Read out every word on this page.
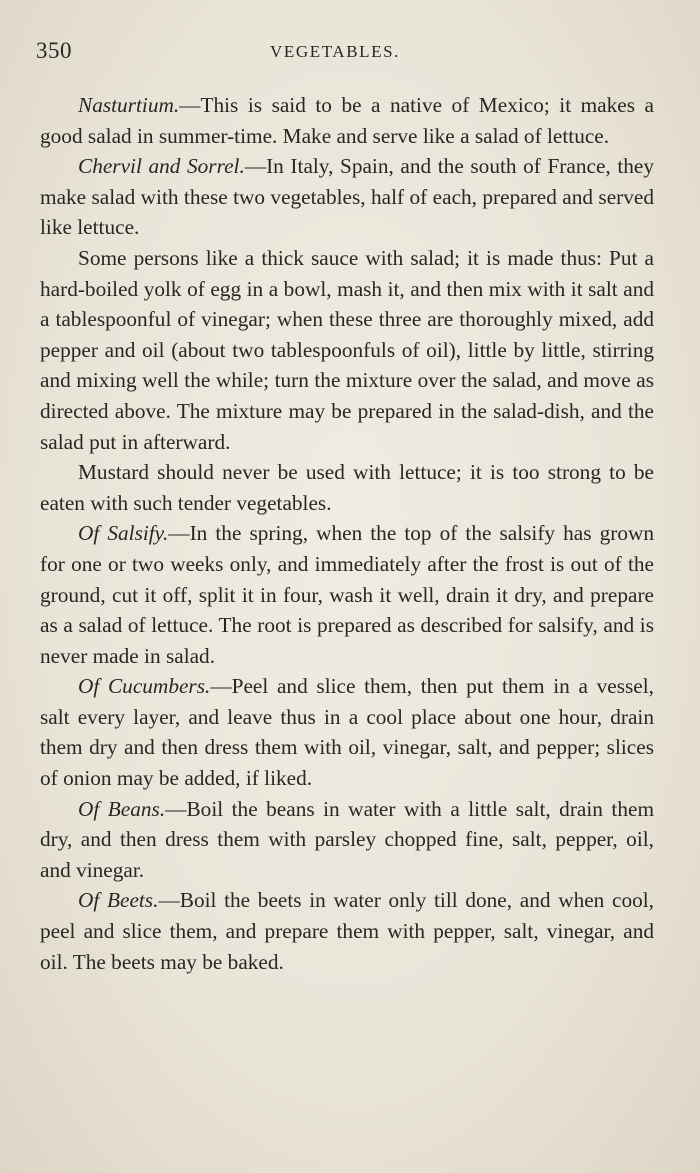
350	VEGETABLES.

Nasturtium.—This is said to be a native of Mexico; it makes a good salad in summer-time. Make and serve like a salad of lettuce.

Chervil and Sorrel.—In Italy, Spain, and the south of France, they make salad with these two vegetables, half of each, prepared and served like lettuce.

Some persons like a thick sauce with salad; it is made thus: Put a hard-boiled yolk of egg in a bowl, mash it, and then mix with it salt and a tablespoonful of vinegar; when these three are thoroughly mixed, add pepper and oil (about two tablespoonfuls of oil), little by little, stirring and mixing well the while; turn the mixture over the salad, and move as directed above. The mixture may be prepared in the salad-dish, and the salad put in afterward.

Mustard should never be used with lettuce; it is too strong to be eaten with such tender vegetables.

Of Salsify.—In the spring, when the top of the salsify has grown for one or two weeks only, and immediately after the frost is out of the ground, cut it off, split it in four, wash it well, drain it dry, and prepare as a salad of lettuce. The root is prepared as described for salsify, and is never made in salad.

Of Cucumbers.—Peel and slice them, then put them in a vessel, salt every layer, and leave thus in a cool place about one hour, drain them dry and then dress them with oil, vinegar, salt, and pepper; slices of onion may be added, if liked.

Of Beans.—Boil the beans in water with a little salt, drain them dry, and then dress them with parsley chopped fine, salt, pepper, oil, and vinegar.

Of Beets.—Boil the beets in water only till done, and when cool, peel and slice them, and prepare them with pepper, salt, vinegar, and oil. The beets may be baked.
